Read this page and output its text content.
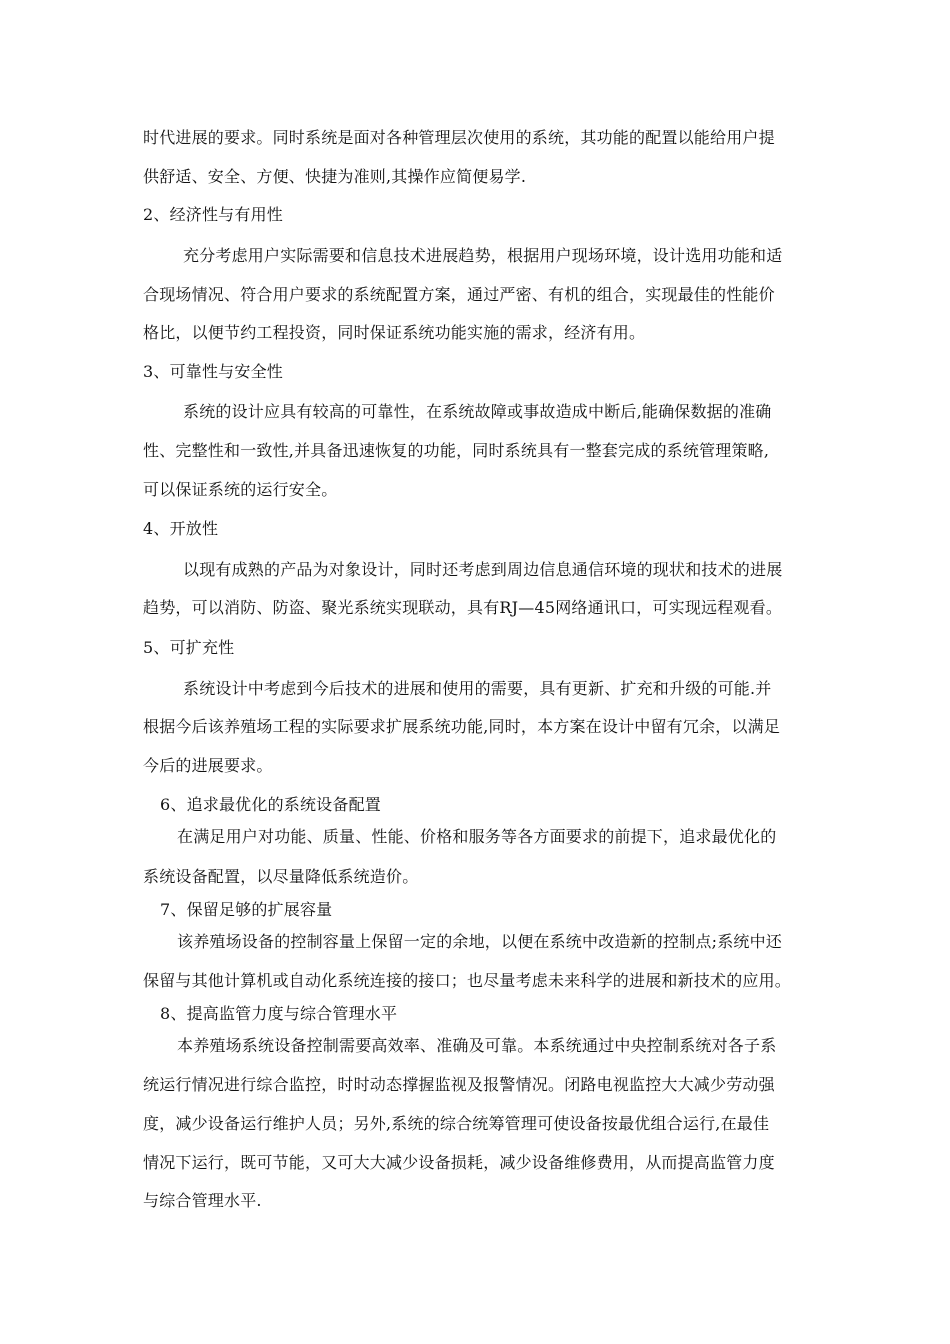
时代进展的要求。同时系统是面对各种管理层次使用的系统，其功能的配置以能给用户提

供舒适、安全、方便、快捷为准则,其操作应简便易学.

2、经济性与有用性

充分考虑用户实际需要和信息技术进展趋势，根据用户现场环境，设计选用功能和适

合现场情况、符合用户要求的系统配置方案，通过严密、有机的组合，实现最佳的性能价

格比，以便节约工程投资，同时保证系统功能实施的需求，经济有用。

3、可靠性与安全性

系统的设计应具有较高的可靠性，在系统故障或事故造成中断后,能确保数据的准确

性、完整性和一致性,并具备迅速恢复的功能，同时系统具有一整套完成的系统管理策略,

可以保证系统的运行安全。

4、开放性

以现有成熟的产品为对象设计，同时还考虑到周边信息通信环境的现状和技术的进展

趋势，可以消防、防盗、聚光系统实现联动，具有RJ—45网络通讯口，可实现远程观看。

5、可扩充性

系统设计中考虑到今后技术的进展和使用的需要，具有更新、扩充和升级的可能.并

根据今后该养殖场工程的实际要求扩展系统功能,同时，本方案在设计中留有冗余，以满足

今后的进展要求。

6、追求最优化的系统设备配置

在满足用户对功能、质量、性能、价格和服务等各方面要求的前提下，追求最优化的

系统设备配置，以尽量降低系统造价。

7、保留足够的扩展容量

该养殖场设备的控制容量上保留一定的余地，以便在系统中改造新的控制点;系统中还

保留与其他计算机或自动化系统连接的接口；也尽量考虑未来科学的进展和新技术的应用。

8、提高监管力度与综合管理水平

本养殖场系统设备控制需要高效率、准确及可靠。本系统通过中央控制系统对各子系

统运行情况进行综合监控，时时动态撑握监视及报警情况。闭路电视监控大大减少劳动强

度，减少设备运行维护人员；另外,系统的综合统筹管理可使设备按最优组合运行,在最佳

情况下运行，既可节能，又可大大减少设备损耗，减少设备维修费用，从而提高监管力度

与综合管理水平.
